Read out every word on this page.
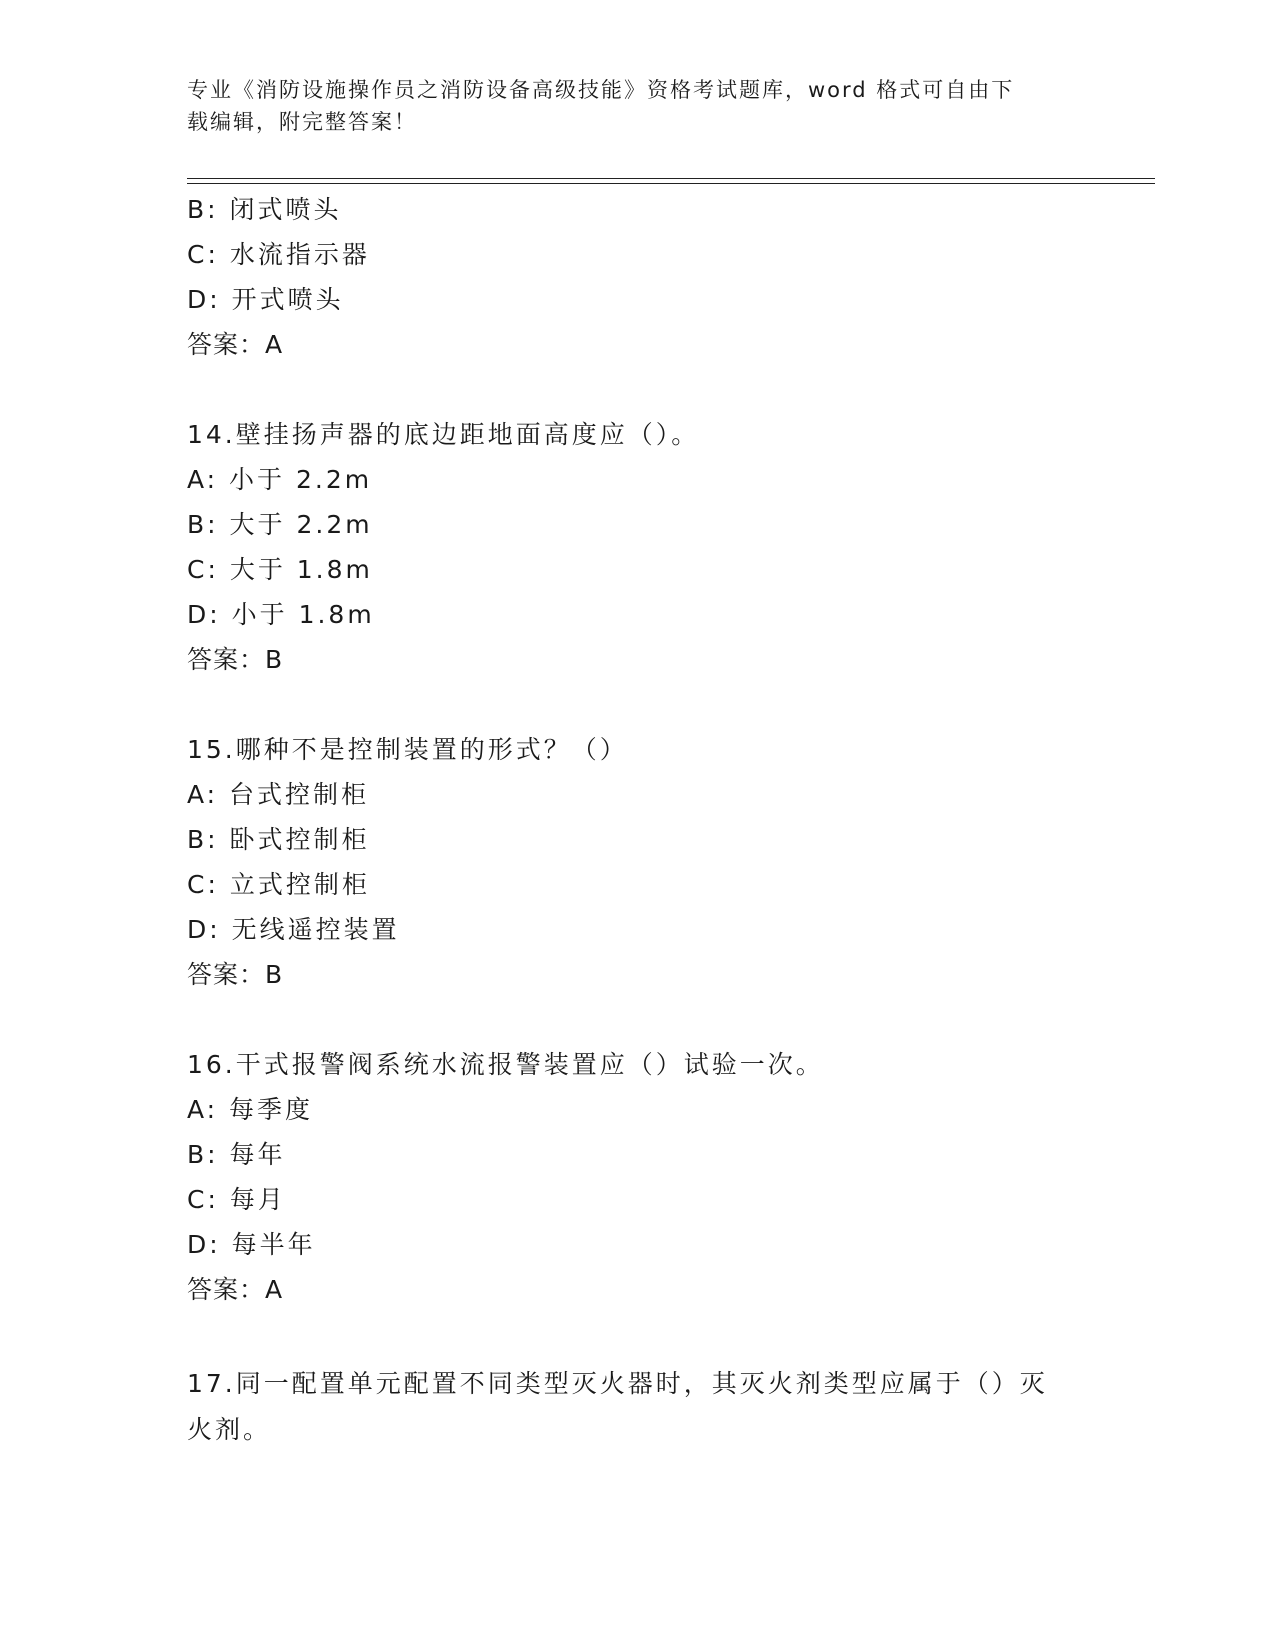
专业《消防设施操作员之消防设备高级技能》资格考试题库，word 格式可自由下
载编辑，附完整答案！
B: 闭式喷头
C: 水流指示器
D: 开式喷头
答案：A
14.壁挂扬声器的底边距地面高度应（）。
A: 小于 2.2m
B: 大于 2.2m
C: 大于 1.8m
D: 小于 1.8m
答案：B
15.哪种不是控制装置的形式？（）
A: 台式控制柜
B: 卧式控制柜
C: 立式控制柜
D: 无线遥控装置
答案：B
16.干式报警阀系统水流报警装置应（）试验一次。
A: 每季度
B: 每年
C: 每月
D: 每半年
答案：A
17.同一配置单元配置不同类型灭火器时，其灭火剂类型应属于（）灭火剂。
